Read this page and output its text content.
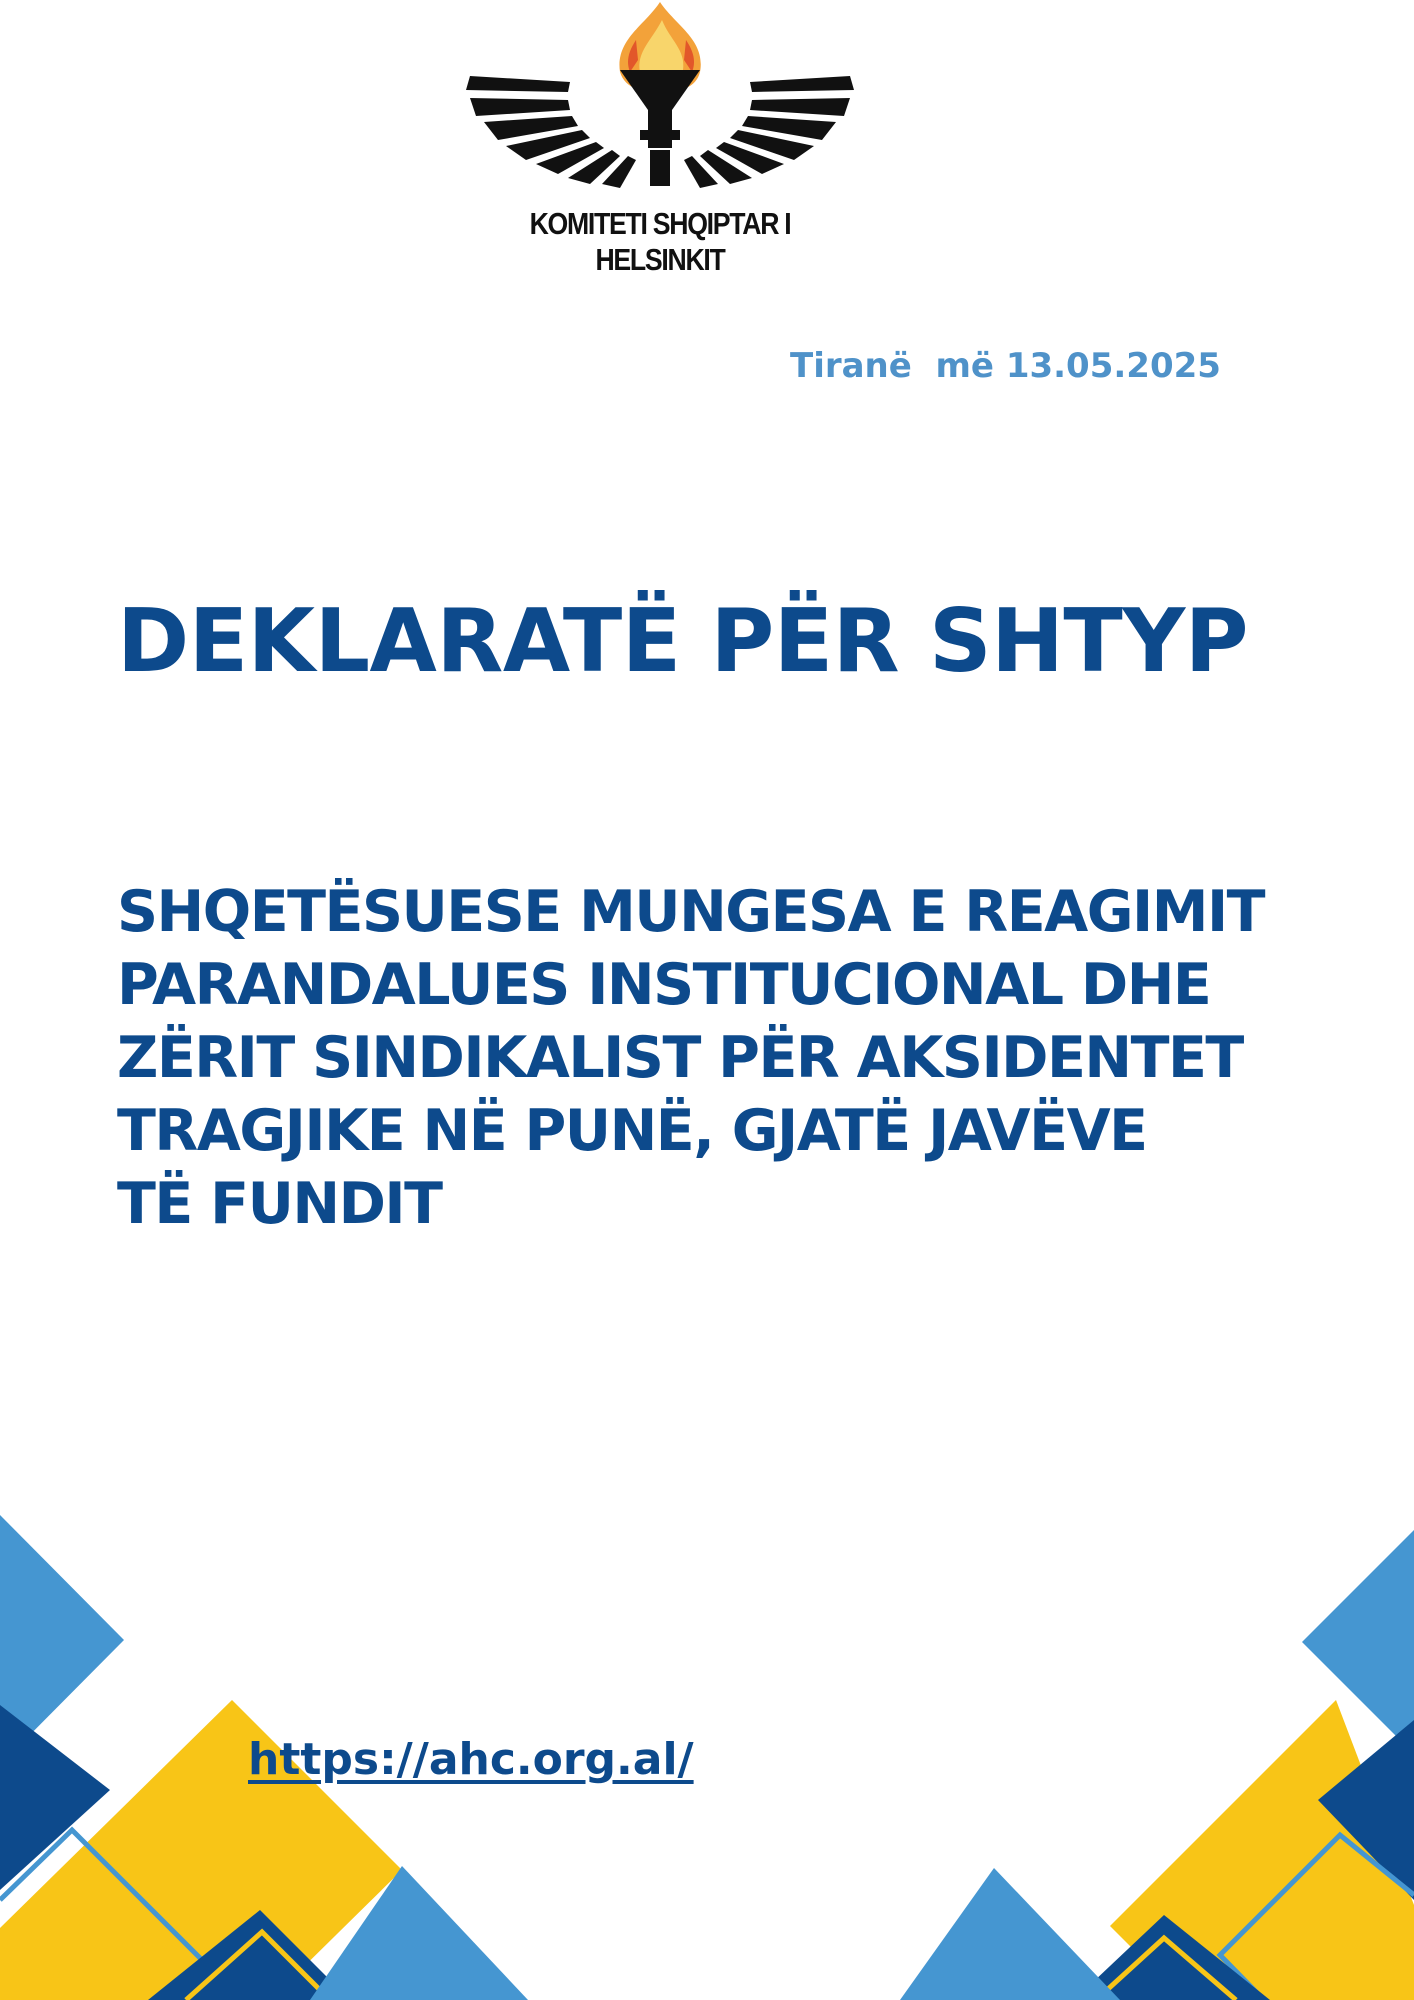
KOMITETI SHQIPTAR I HELSINKIT
Tiranë  më 13.05.2025
DEKLARATË PËR SHTYP
SHQETËSUESE MUNGESA E REAGIMIT
PARANDALUES INSTITUCIONAL DHE
ZËRIT SINDIKALIST PËR AKSIDENTET
TRAGJIKE NË PUNË, GJATË JAVËVE
TË FUNDIT
https://ahc.org.al/
